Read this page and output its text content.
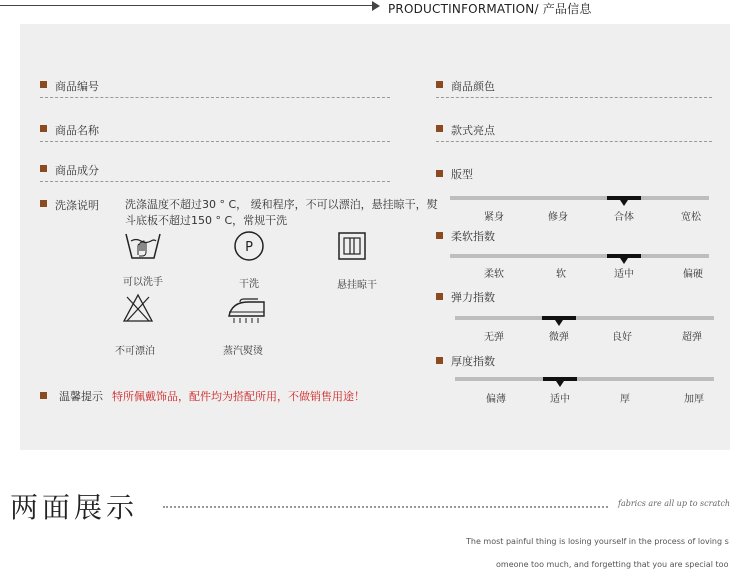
PRODUCTINFORMATION/ 产品信息
商品编号
商品名称
商品成分
洗涤说明 洗涤温度不超过30 ° C， 缓和程序，不可以漂泊，悬挂晾干，熨斗底板不超过150 ° C，常规干洗
可以洗手
P
干洗	悬挂晾干
不可漂泊	蒸汽熨烫
温馨提示 特所佩戴饰品，配件均为搭配所用，不做销售用途！
商品颜色
款式亮点
版型
紧身	修身	合体	宽松
柔软指数
柔软	软	适中	偏硬
弹力指数
无弹	微弹	良好	超弹
厚度指数
偏薄	适中	厚	加厚
两面展示	fabrics are all up to scratch
The most painful thing is losing yourself in the process of loving s
omeone too much, and forgetting that you are special too
